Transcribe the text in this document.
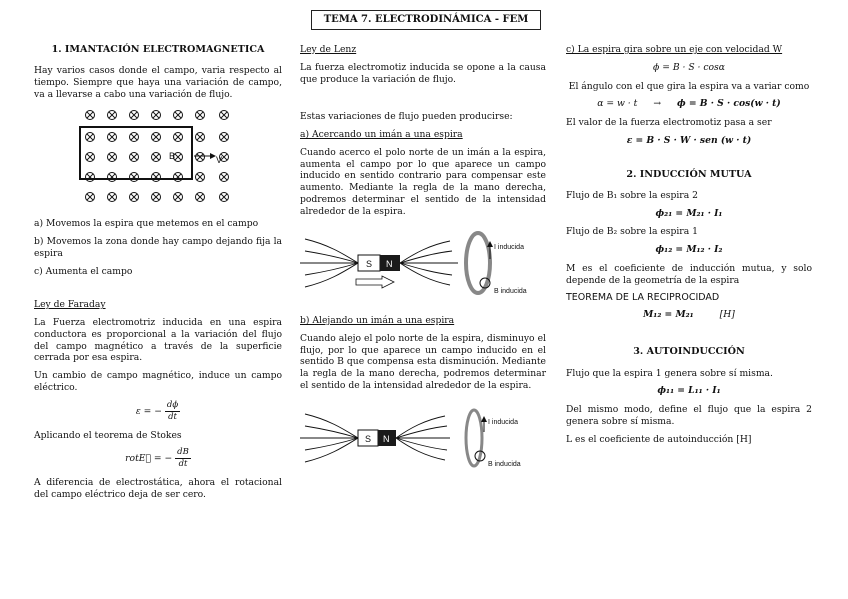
TEMA 7. ELECTRODINÁMICA - FEM
1. IMANTACIÓN ELECTROMAGNETICA

Hay varios casos donde el campo, varia respecto al tiempo. Siempre que haya una variación de campo, va a llevarse a cabo una variación de flujo.

B	V

a) Movemos la espira que metemos en el campo

b) Movemos la zona donde hay campo dejando fija la espira

c) Aumenta el campo

Ley de Faraday

La Fuerza electromotriz inducida en una espira conductora es proporcional a la variación del flujo del campo magnético a través de la superficie cerrada por esa espira.

Un cambio de campo magnético, induce un campo eléctrico.

ε = − $\frac{d\phi}{dt}$

Aplicando el teorema de Stokes

rotE⃗ = − $\frac{dB}{dt}$

A diferencia de electrostática, ahora el rotacional del campo eléctrico deja de ser cero.

Ley de Lenz

La fuerza electromotiz inducida se opone a la causa que produce la variación de flujo.

Estas variaciones de flujo pueden producirse:

a) Acercando un imán a una espira

Cuando acerco el polo norte de un imán a la espira, aumenta el campo por lo que aparece un campo inducido en sentido contrario para compensar este aumento. Mediante la regla de la mano derecha, podremos determinar el sentido de la intensidad alrededor de la espira.

S N
I inducida
B inducida

b) Alejando un imán a una espira

Cuando alejo el polo norte de la espira, disminuyo el flujo, por lo que aparece un campo inducido en el sentido B que compensa esta disminución. Mediante la regla de la mano derecha, podremos determinar el sentido de la intensidad alrededor de la espira.

S N
I inducida
B inducida

c) La espira gira sobre un eje con velocidad W

ϕ = B · S · cosα

El ángulo con el que gira la espira va a variar como

α = w · t → ϕ = B · S · cos(w · t)

El valor de la fuerza electromotiz pasa a ser

ε = B · S · W · sen (w · t)

2. INDUCCIÓN MUTUA

Flujo de B₁ sobre la espira 2

ϕ₂₁ = M₂₁ · I₁

Flujo de B₂ sobre la espira 1

ϕ₁₂ = M₁₂ · I₂

M es el coeficiente de inducción mutua, y solo depende de la geometría de la espira

TEOREMA DE LA RECIPROCIDAD

M₁₂ = M₂₁	[H]
3. AUTOINDUCCIÓN

Flujo que la espira 1 genera sobre sí misma.

ϕ₁₁ = L₁₁ · I₁

Del mismo modo, define el flujo que la espira 2 genera sobre sí misma.

L es el coeficiente de autoinducción [H]
